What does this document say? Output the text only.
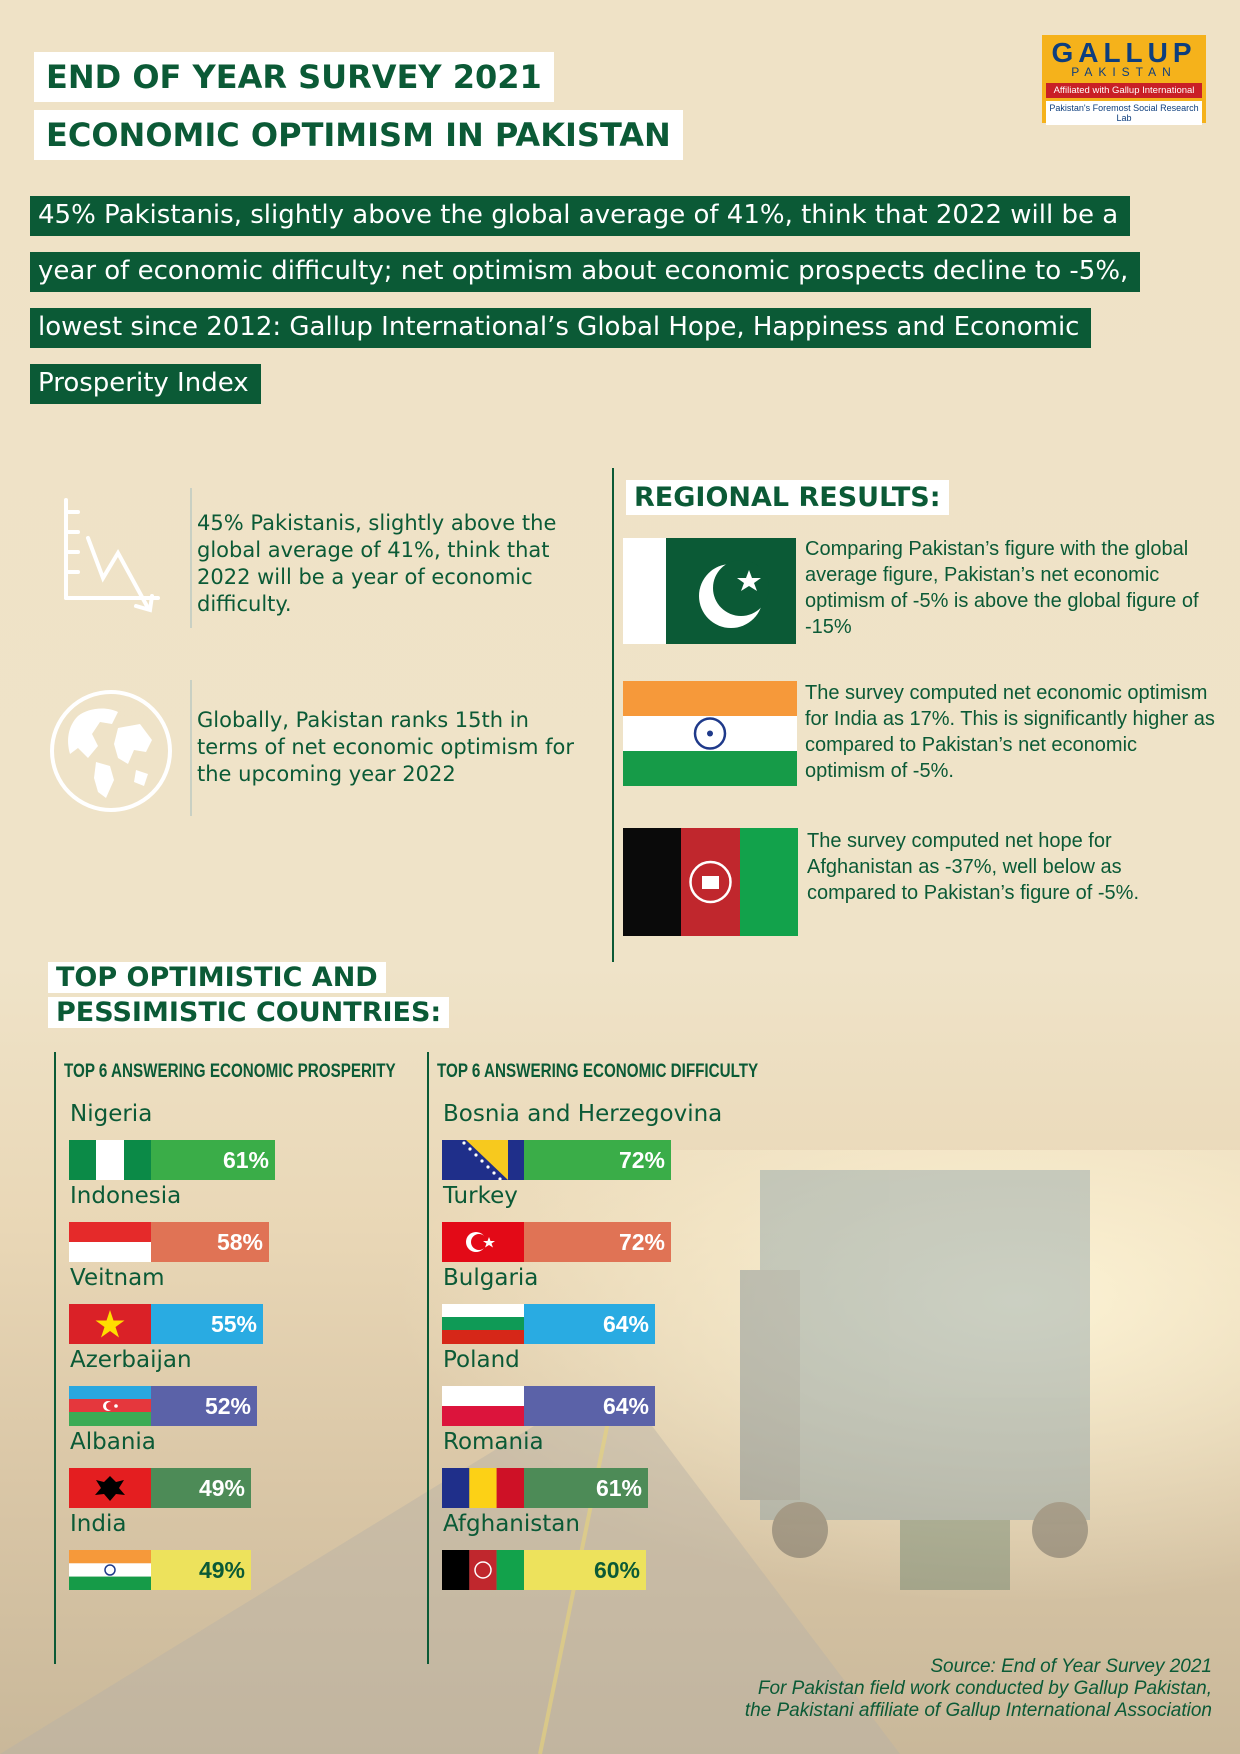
END OF YEAR SURVEY 2021
ECONOMIC OPTIMISM IN PAKISTAN
GALLUP
PAKISTAN
Affiliated with Gallup International
Pakistan's Foremost Social Research Lab
45% Pakistanis, slightly above the global average of 41%, think that 2022 will be a
year of economic difficulty; net optimism about economic prospects decline to -5%,
lowest since 2012: Gallup International’s Global Hope, Happiness and Economic
Prosperity Index
45% Pakistanis, slightly above the global average of 41%, think that 2022 will be a year of economic difficulty.
Globally, Pakistan ranks 15th in terms of net economic optimism for the upcoming year 2022
REGIONAL RESULTS:
Comparing Pakistan’s figure with the global average figure, Pakistan’s net economic optimism of -5% is above the global figure of -15%
The survey computed net economic optimism for India as 17%. This is significantly higher as compared to Pakistan’s net economic optimism of -5%.
The survey computed net hope for Afghanistan as -37%, well below as compared to Pakistan’s figure of -5%.
TOP OPTIMISTIC AND
PESSIMISTIC COUNTRIES:
TOP 6 ANSWERING ECONOMIC PROSPERITY TOP 6 ANSWERING ECONOMIC DIFFICULTY
Nigeria
61%
Indonesia
58%
Veitnam
55%
Azerbaijan
52%
Albania
49%
India
49%
Bosnia and Herzegovina
72%
Turkey
72%
Bulgaria
64%
Poland
64%
Romania
61%
Afghanistan
60%
Source: End of Year Survey 2021
For Pakistan field work conducted by Gallup Pakistan,
the Pakistani affiliate of Gallup International Association
